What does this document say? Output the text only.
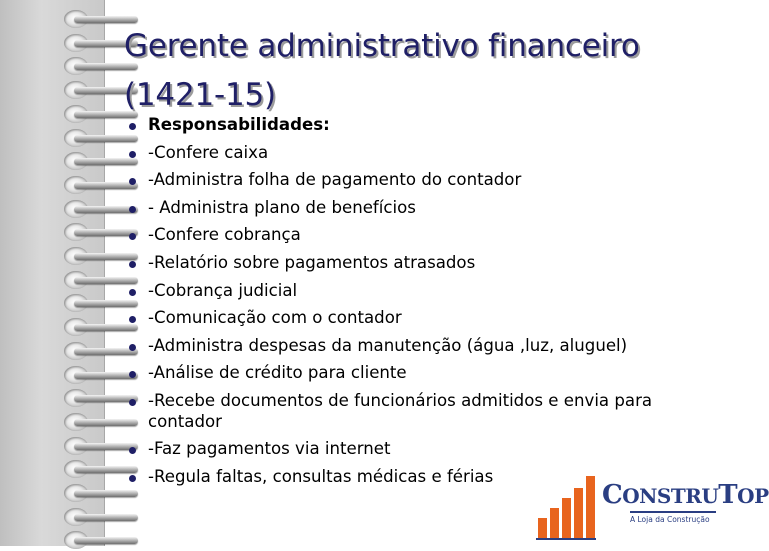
Gerente administrativo financeiro (1421-15)
Responsabilidades:
-Confere caixa
-Administra folha de pagamento do contador
- Administra plano de benefícios
-Confere cobrança
-Relatório sobre pagamentos atrasados
-Cobrança judicial
-Comunicação com o contador
-Administra despesas da manutenção (água ,luz, aluguel)
-Análise de crédito para cliente
-Recebe documentos de funcionários admitidos e envia para contador
-Faz pagamentos via internet
-Regula faltas, consultas médicas e férias
CONSTRUTOP
A Loja da Construção
